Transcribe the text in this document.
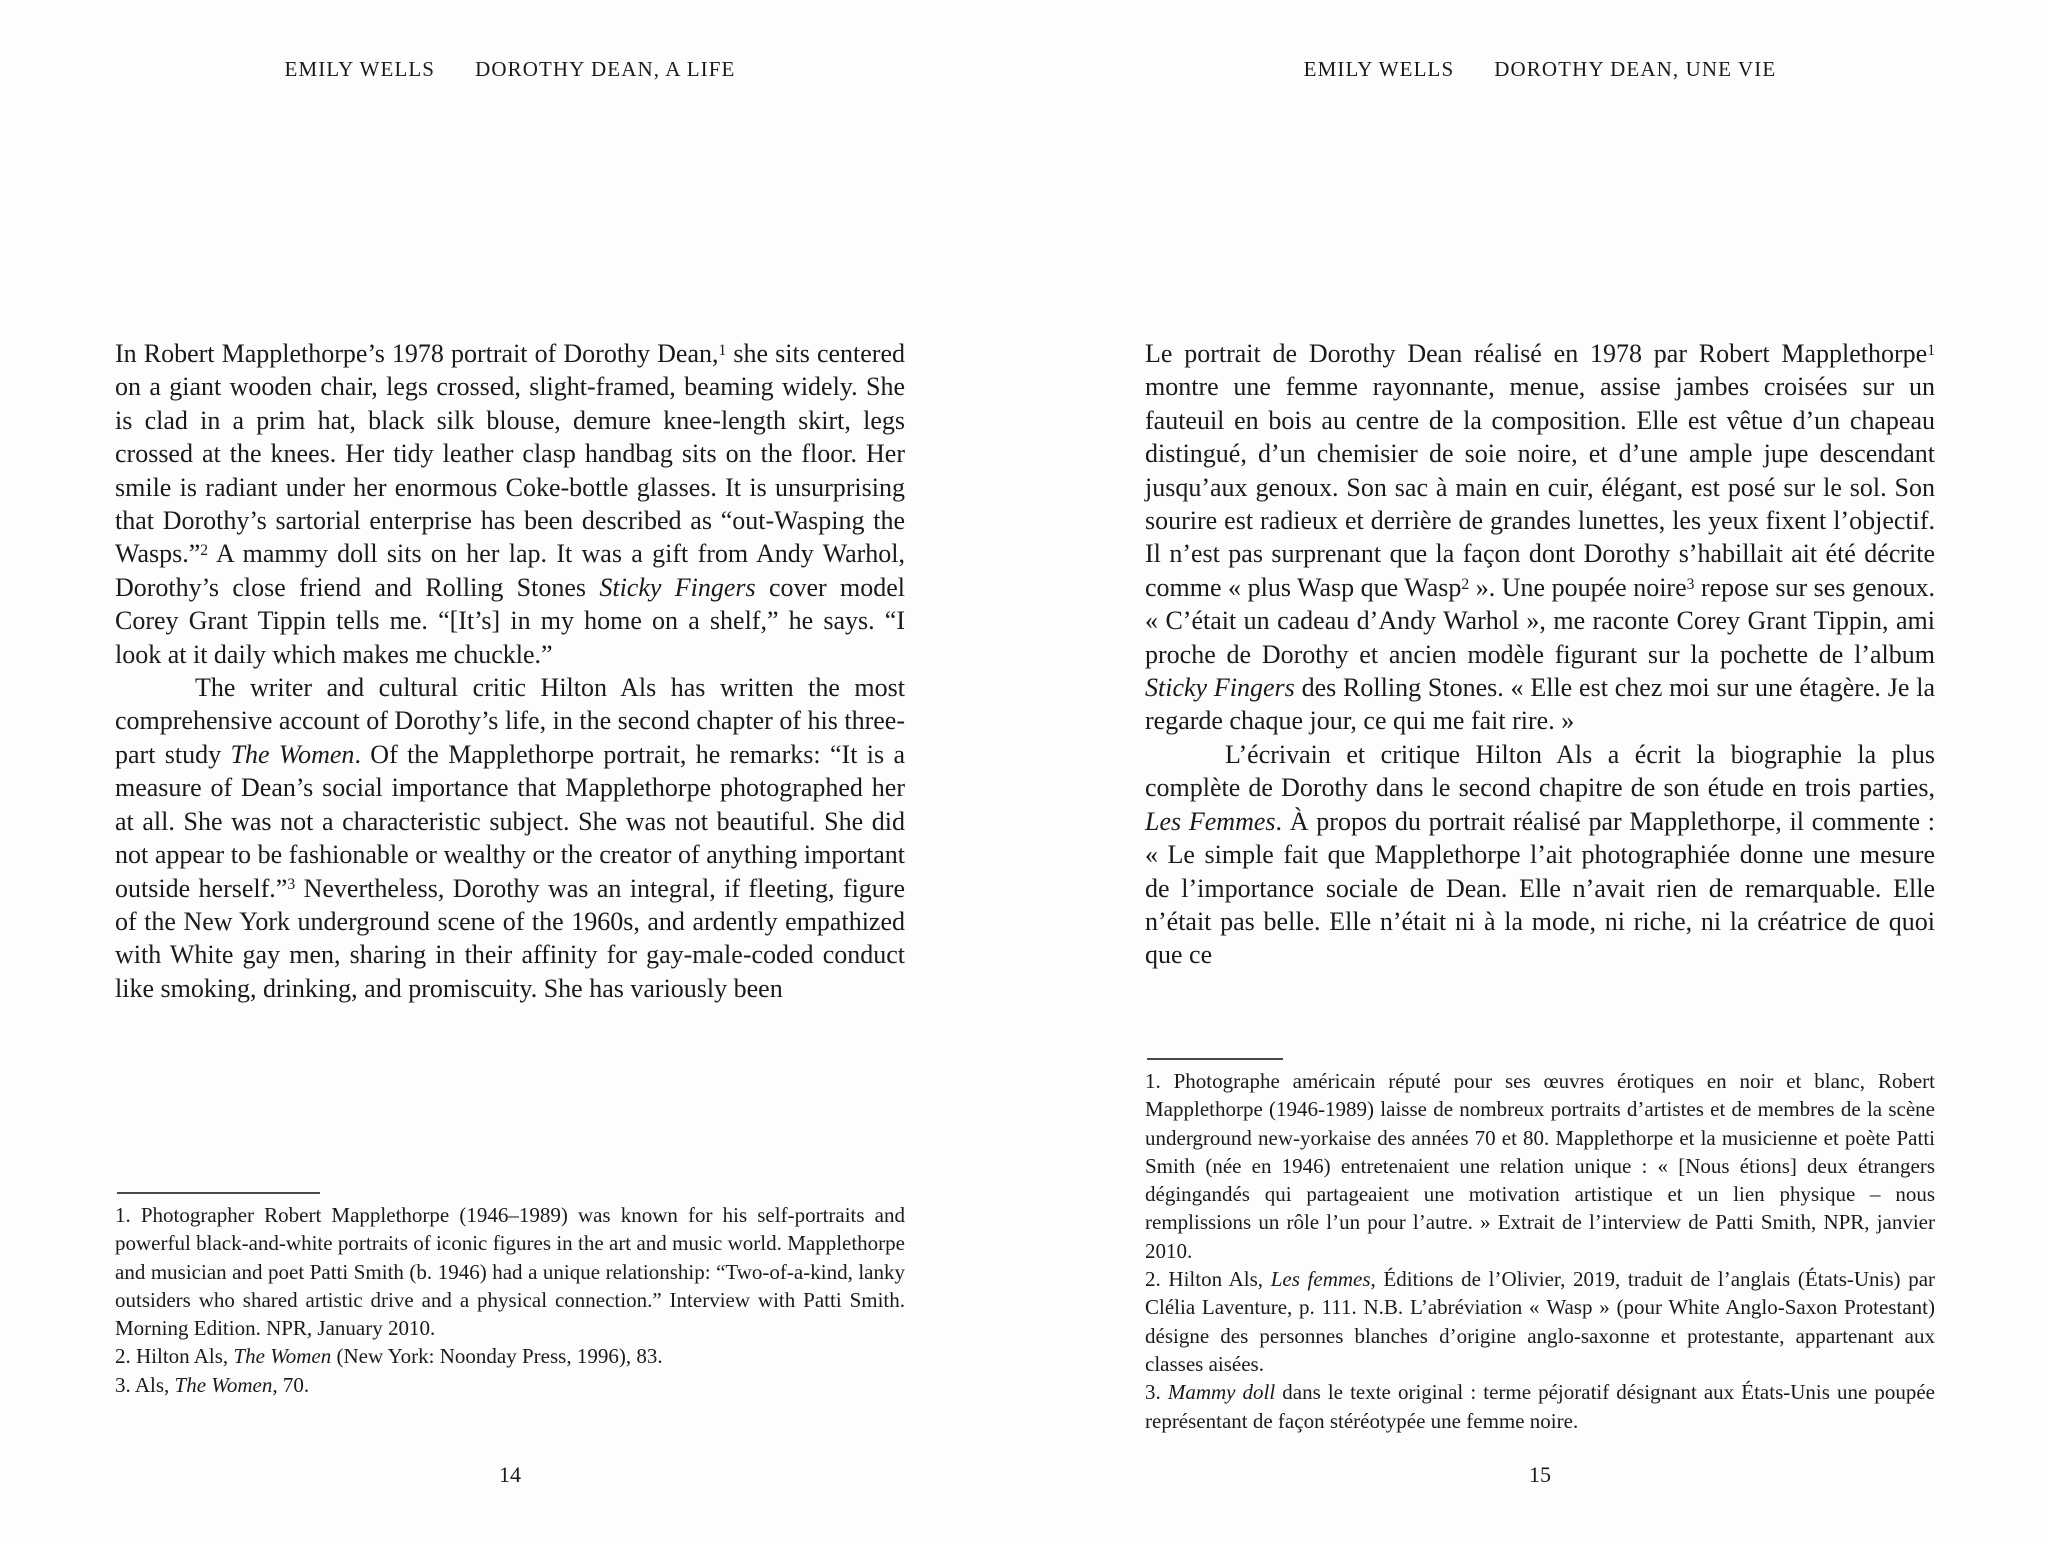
EMILY WELLS DOROTHY DEAN, A LIFE

In Robert Mapplethorpe’s 1978 portrait of Dorothy Dean,$^1$ she sits centered on a giant wooden chair, legs crossed, slight-framed, beaming widely. She is clad in a prim hat, black silk blouse, demure knee-length skirt, legs crossed at the knees. Her tidy leather clasp handbag sits on the floor. Her smile is radiant under her enormous Coke-bottle glasses. It is unsurprising that Dorothy’s sartorial enterprise has been described as “out-Wasping the Wasps.”$^2$ A mammy doll sits on her lap. It was a gift from Andy Warhol, Dorothy’s close friend and Rolling Stones Sticky Fingers cover model Corey Grant Tippin tells me. “[It’s] in my home on a shelf,” he says. “I look at it daily which makes me chuckle.”

The writer and cultural critic Hilton Als has written the most comprehensive account of Dorothy’s life, in the second chapter of his three-part study The Women. Of the Mapplethorpe portrait, he remarks: “It is a measure of Dean’s social importance that Mapplethorpe photographed her at all. She was not a characteristic subject. She was not beautiful. She did not appear to be fashionable or wealthy or the creator of anything important outside herself.”$^3$ Nevertheless, Dorothy was an integral, if fleeting, figure of the New York underground scene of the 1960s, and ardently empathized with White gay men, sharing in their affinity for gay-male-coded conduct like smoking, drinking, and promiscuity. She has variously been

1. Photographer Robert Mapplethorpe (1946–1989) was known for his self-portraits and powerful black-and-white portraits of iconic figures in the art and music world. Mapplethorpe and musician and poet Patti Smith (b. 1946) had a unique relationship: “Two-of-a-kind, lanky outsiders who shared artistic drive and a physical connection.” Interview with Patti Smith. Morning Edition. NPR, January 2010.

2. Hilton Als, The Women (New York: Noonday Press, 1996), 83.

3. Als, The Women, 70.

14
EMILY WELLS DOROTHY DEAN, UNE VIE

Le portrait de Dorothy Dean réalisé en 1978 par Robert Mapplethorpe$^1$ montre une femme rayonnante, menue, assise jambes croisées sur un fauteuil en bois au centre de la composition. Elle est vêtue d’un chapeau distingué, d’un chemisier de soie noire, et d’une ample jupe descendant jusqu’aux genoux. Son sac à main en cuir, élégant, est posé sur le sol. Son sourire est radieux et derrière de grandes lunettes, les yeux fixent l’objectif. Il n’est pas surprenant que la façon dont Dorothy s’habillait ait été décrite comme « plus Wasp que Wasp$^2$ ». Une poupée noire$^3$ repose sur ses genoux. « C’était un cadeau d’Andy Warhol », me raconte Corey Grant Tippin, ami proche de Dorothy et ancien modèle figurant sur la pochette de l’album Sticky Fingers des Rolling Stones. « Elle est chez moi sur une étagère. Je la regarde chaque jour, ce qui me fait rire. »

L’écrivain et critique Hilton Als a écrit la biographie la plus complète de Dorothy dans le second chapitre de son étude en trois parties, Les Femmes. À propos du portrait réalisé par Mapplethorpe, il commente : « Le simple fait que Mapplethorpe l’ait photographiée donne une mesure de l’importance sociale de Dean. Elle n’avait rien de remarquable. Elle n’était pas belle. Elle n’était ni à la mode, ni riche, ni la créatrice de quoi que ce

1. Photographe américain réputé pour ses œuvres érotiques en noir et blanc, Robert Mapplethorpe (1946-1989) laisse de nombreux portraits d’artistes et de membres de la scène underground new-yorkaise des années 70 et 80. Mapplethorpe et la musicienne et poète Patti Smith (née en 1946) entretenaient une relation unique : « [Nous étions] deux étrangers dégingandés qui partageaient une motivation artistique et un lien physique – nous remplissions un rôle l’un pour l’autre. » Extrait de l’interview de Patti Smith, NPR, janvier 2010.

2. Hilton Als, Les femmes, Éditions de l’Olivier, 2019, traduit de l’anglais (États-Unis) par Clélia Laventure, p. 111. N.B. L’abréviation « Wasp » (pour White Anglo-Saxon Protestant) désigne des personnes blanches d’origine anglo-saxonne et protestante, appartenant aux classes aisées.

3. Mammy doll dans le texte original : terme péjoratif désignant aux États-Unis une poupée représentant de façon stéréotypée une femme noire.

15
